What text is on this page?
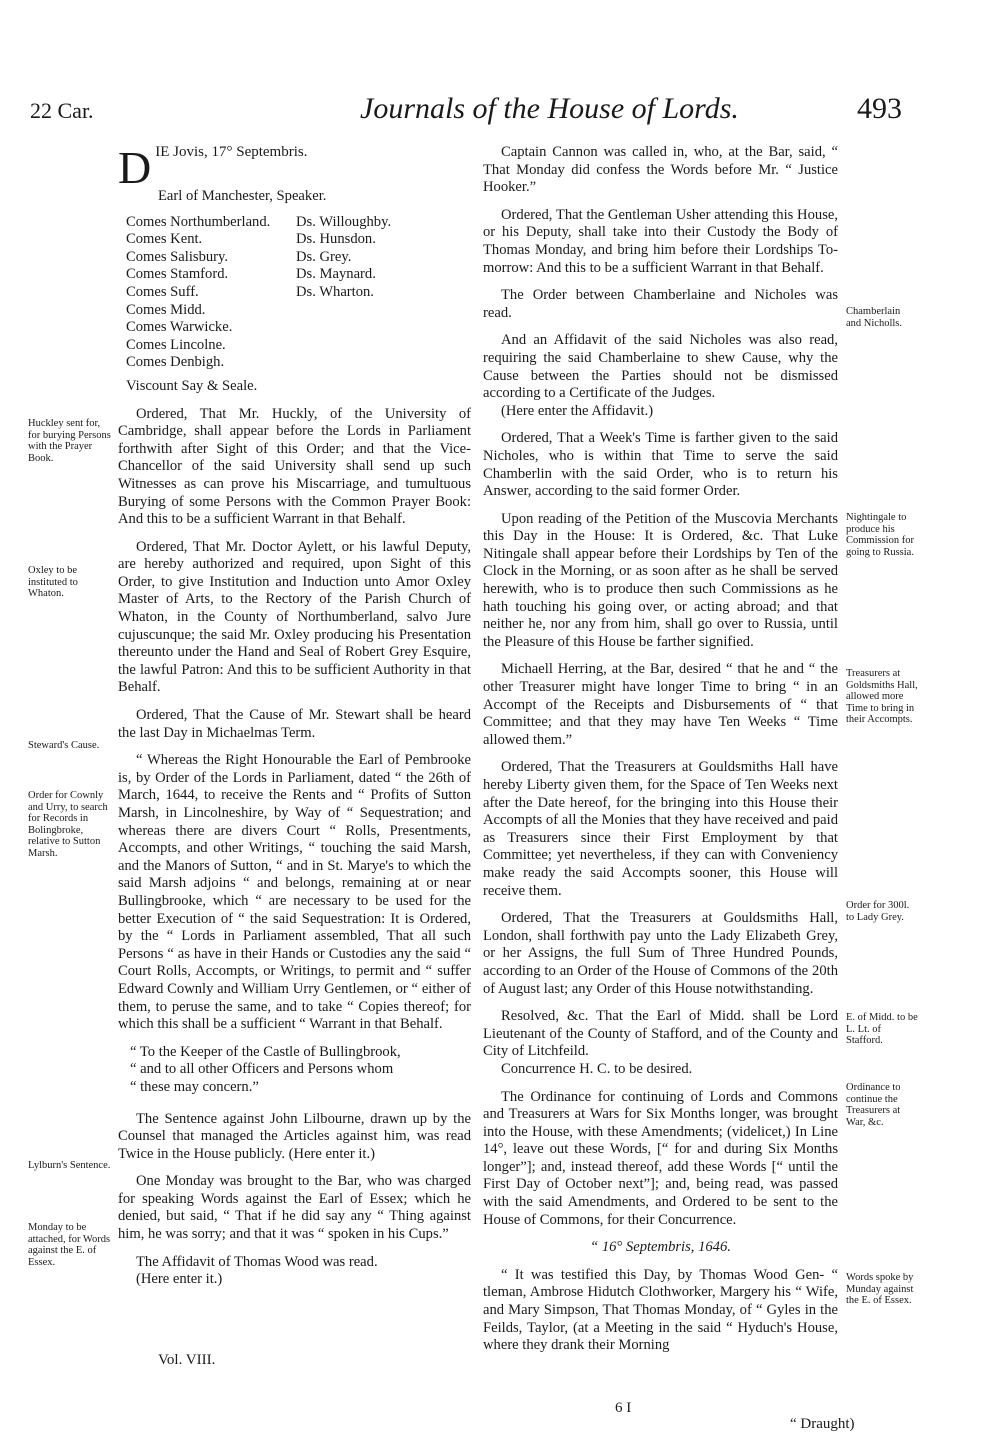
22 Car.	Journals of the House of Lords.	493
D IE Jovis, 17° Septembris.
Earl of Manchester, Speaker.
Comes Northumberland.
Comes Kent.
Comes Salisbury.
Comes Stamford.
Comes Suff.
Comes Midd.
Comes Warwicke.
Comes Lincolne.
Comes Denbigh.
Ds. Willoughby.
Ds. Hunsdon.
Ds. Grey.
Ds. Maynard.
Ds. Wharton.

Viscount Say & Seale.

Ordered, That Mr. Huckly, of the University of Cambridge, shall appear before the Lords in Parliament forthwith after Sight of this Order; and that the Vice-Chancellor of the said University shall send up such Witnesses as can prove his Miscarriage, and tumultuous Burying of some Persons with the Common Prayer Book: And this to be a sufficient Warrant in that Behalf.

Ordered, That Mr. Doctor Aylett, or his lawful Deputy, are hereby authorized and required, upon Sight of this Order, to give Institution and Induction unto Amor Oxley Master of Arts, to the Rectory of the Parish Church of Whaton, in the County of Northumberland, salvo Jure cujuscunque; the said Mr. Oxley producing his Presentation thereunto under the Hand and Seal of Robert Grey Esquire, the lawful Patron: And this to be sufficient Authority in that Behalf.

Ordered, That the Cause of Mr. Stewart shall be heard the last Day in Michaelmas Term.

“ Whereas the Right Honourable the Earl of Pembrooke is, by Order of the Lords in Parliament, dated “ the 26th of March, 1644, to receive the Rents and “ Profits of Sutton Marsh, in Lincolneshire, by Way of “ Sequestration; and whereas there are divers Court “ Rolls, Presentments, Accompts, and other Writings, “ touching the said Marsh, and the Manors of Sutton, “ and in St. Marye's to which the said Marsh adjoins “ and belongs, remaining at or near Bullingbrooke, which “ are necessary to be used for the better Execution of “ the said Sequestration: It is Ordered, by the “ Lords in Parliament assembled, That all such Persons “ as have in their Hands or Custodies any the said “ Court Rolls, Accompts, or Writings, to permit and “ suffer Edward Cownly and William Urry Gentlemen, or “ either of them, to peruse the same, and to take “ Copies thereof; for which this shall be a sufficient “ Warrant in that Behalf.

“ To the Keeper of the Castle of Bullingbrook,
“ and to all other Officers and Persons whom
“ these may concern.”

The Sentence against John Lilbourne, drawn up by the Counsel that managed the Articles against him, was read Twice in the House publicly. (Here enter it.)

One Monday was brought to the Bar, who was charged for speaking Words against the Earl of Essex; which he denied, but said, “ That if he did say any “ Thing against him, he was sorry; and that it was “ spoken in his Cups.”

The Affidavit of Thomas Wood was read.

(Here enter it.)

Captain Cannon was called in, who, at the Bar, said, “ That Monday did confess the Words before Mr. “ Justice Hooker.”

Ordered, That the Gentleman Usher attending this House, or his Deputy, shall take into their Custody the Body of Thomas Monday, and bring him before their Lordships To-morrow: And this to be a sufficient Warrant in that Behalf.

The Order between Chamberlaine and Nicholes was read.

And an Affidavit of the said Nicholes was also read, requiring the said Chamberlaine to shew Cause, why the Cause between the Parties should not be dismissed according to a Certificate of the Judges.

(Here enter the Affidavit.)

Ordered, That a Week's Time is farther given to the said Nicholes, who is within that Time to serve the said Chamberlin with the said Order, who is to return his Answer, according to the said former Order.

Upon reading of the Petition of the Muscovia Merchants this Day in the House: It is Ordered, &c. That Luke Nitingale shall appear before their Lordships by Ten of the Clock in the Morning, or as soon after as he shall be served herewith, who is to produce then such Commissions as he hath touching his going over, or acting abroad; and that neither he, nor any from him, shall go over to Russia, until the Pleasure of this House be farther signified.

Michaell Herring, at the Bar, desired “ that he and “ the other Treasurer might have longer Time to bring “ in an Accompt of the Receipts and Disbursements of “ that Committee; and that they may have Ten Weeks “ Time allowed them.”

Ordered, That the Treasurers at Gouldsmiths Hall have hereby Liberty given them, for the Space of Ten Weeks next after the Date hereof, for the bringing into this House their Accompts of all the Monies that they have received and paid as Treasurers since their First Employment by that Committee; yet nevertheless, if they can with Conveniency make ready the said Accompts sooner, this House will receive them.

Ordered, That the Treasurers at Gouldsmiths Hall, London, shall forthwith pay unto the Lady Elizabeth Grey, or her Assigns, the full Sum of Three Hundred Pounds, according to an Order of the House of Commons of the 20th of August last; any Order of this House notwithstanding.

Resolved, &c. That the Earl of Midd. shall be Lord Lieutenant of the County of Stafford, and of the County and City of Litchfeild.

Concurrence H. C. to be desired.

The Ordinance for continuing of Lords and Commons and Treasurers at Wars for Six Months longer, was brought into the House, with these Amendments; (videlicet,) In Line 14°, leave out these Words, [“ for and during Six Months longer”]; and, instead thereof, add these Words [“ until the First Day of October next”]; and, being read, was passed with the said Amendments, and Ordered to be sent to the House of Commons, for their Concurrence.

“ 16° Septembris, 1646.

“ It was testified this Day, by Thomas Wood Gen- “ tleman, Ambrose Hidutch Clothworker, Margery his “ Wife, and Mary Simpson, That Thomas Monday, of “ Gyles in the Feilds, Taylor, (at a Meeting in the said “ Hyduch's House, where they drank their Morning

Huckley sent for, for burying Persons with the Prayer Book.
Oxley to be instituted to Whaton.
Steward's Cause.
Order for Cownly and Urry, to search for Records in Bolingbroke, relative to Sutton Marsh.
Lylburn's Sentence.
Monday to be attached, for Words against the E. of Essex.
Chamberlain and Nicholls.
Nightingale to produce his Commission for going to Russia.
Treasurers at Goldsmiths Hall, allowed more Time to bring in their Accompts.
Order for 300l. to Lady Grey.
E. of Midd. to be L. Lt. of Stafford.
Ordinance to continue the Treasurers at War, &c.
Words spoke by Munday against the E. of Essex.
Vol. VIII.
6 I
“ Draught)
